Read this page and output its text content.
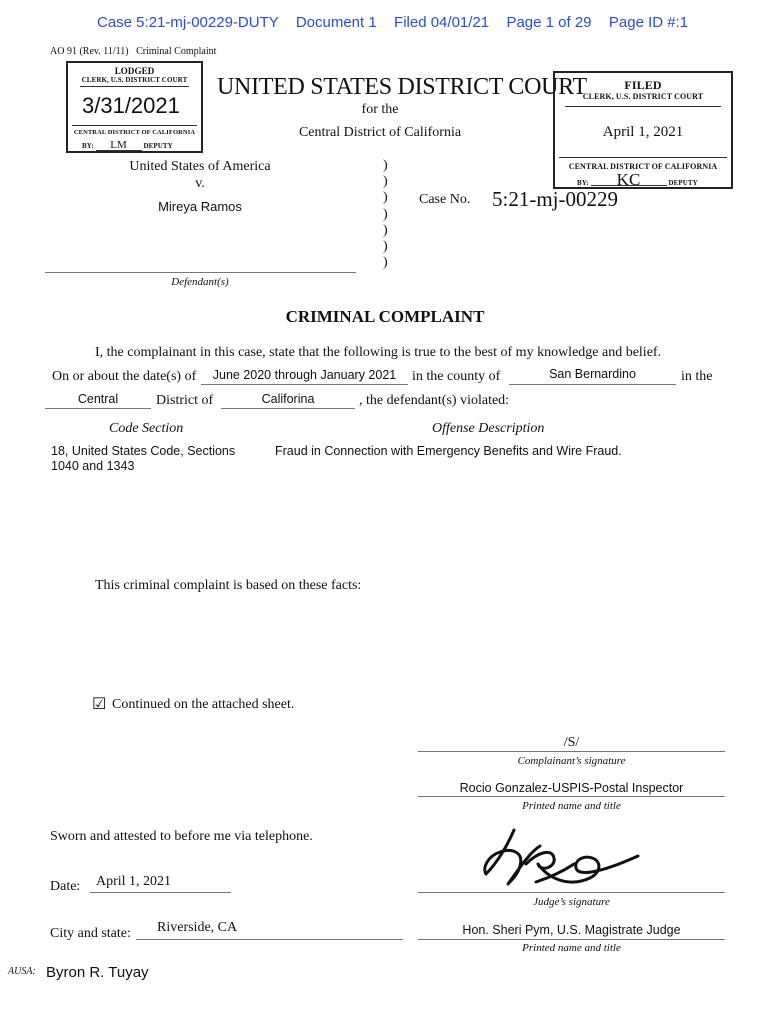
Case 5:21-mj-00229-DUTY Document 1 Filed 04/01/21 Page 1 of 29 Page ID #:1
AO 91 (Rev. 11/11)   Criminal Complaint
LODGED
CLERK, U.S. DISTRICT COURT
3/31/2021
CENTRAL DISTRICT OF CALIFORNIA
BY: LM DEPUTY
UNITED STATES DISTRICT COURT
for the
Central District of California
FILED
CLERK, U.S. DISTRICT COURT
April 1, 2021
CENTRAL DISTRICT OF CALIFORNIA
BY: KC	DEPUTY
United States of America
v.
Mireya Ramos
Defendant(s)
)
)
)
)
)
)
)
Case No. 5:21-mj-00229
CRIMINAL COMPLAINT
I, the complainant in this case, state that the following is true to the best of my knowledge and belief.
On or about the date(s) of	June 2020 through January 2021	in the county of	San Bernardino	in the
Central	District of	Califorina	, the defendant(s) violated:
Code Section	Offense Description
18, United States Code, Sections 1040 and 1343
Fraud in Connection with Emergency Benefits and Wire Fraud.
This criminal complaint is based on these facts:
☑ Continued on the attached sheet.
/S/
Complainant’s signature
Rocio Gonzalez-USPIS-Postal Inspector
Printed name and title
Sworn and attested to before me via telephone.
Judge’s signature
Date: April 1, 2021
City and state: Riverside, CA	Hon. Sheri Pym, U.S. Magistrate Judge
Printed name and title
AUSA: Byron R. Tuyay
